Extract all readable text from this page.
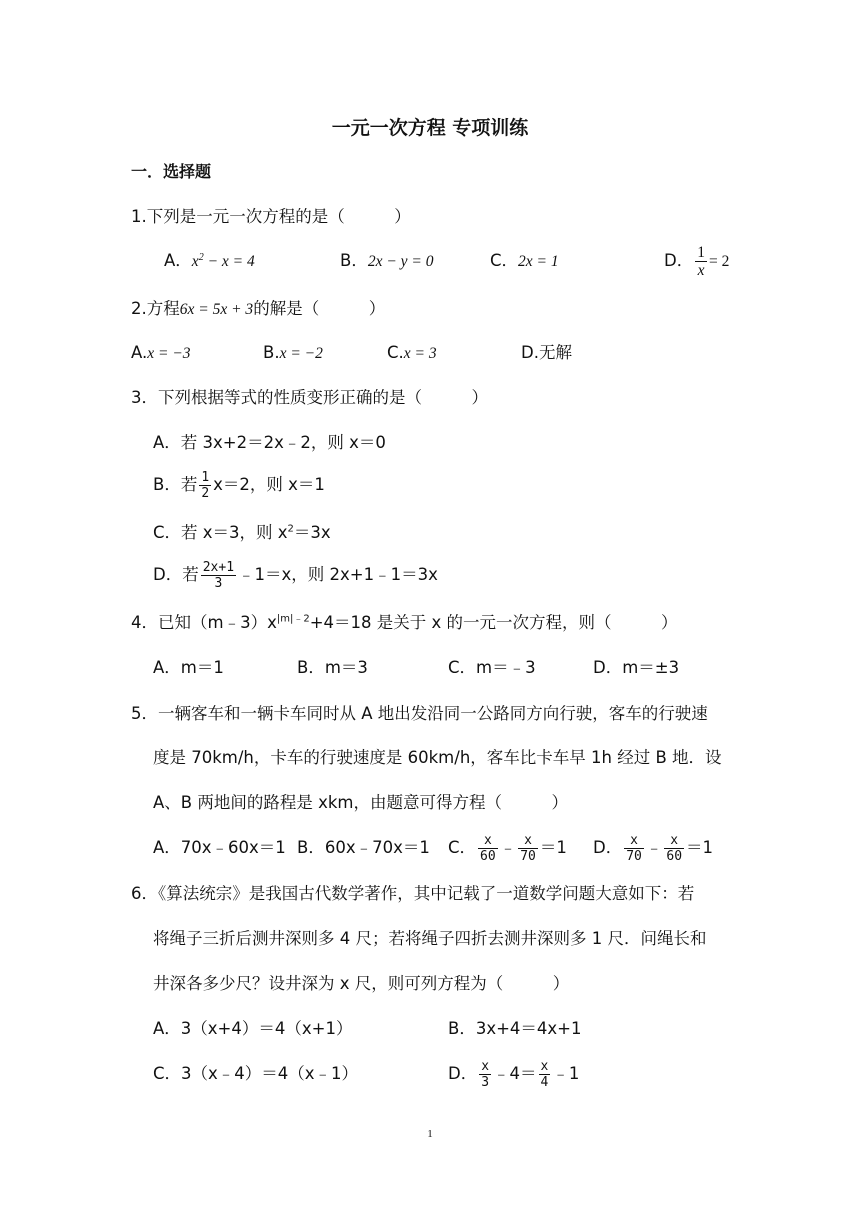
一元一次方程 专项训练
一．选择题
1.下列是一元一次方程的是（　　　）
A．$x^2 - x = 4$	B．2x − y = 0	C．2x = 1	D． $\frac{1}{x} = 2$
2.方程6x = 5x + 3的解是（　　　）
A.x = −3	B.x = −2	C.x = 3	D.无解
3．下列根据等式的性质变形正确的是（　　　）
A．若 3x+2＝2x﹣2，则 x＝0
B．若 $\frac{1}{2} x=2$，则 x＝1
C．若 x＝3，则 $x^2=3x$
D．若 $\frac{2x+1}{3}$ ﹣1＝x，则 2x+1﹣1＝3x
4．已知$(m﹣3)x^{|m|﹣2}+4=18$ 是关于 x 的一元一次方程，则（　　　）
A．m＝1	B．m＝3	C．m＝﹣3	D．m＝±3
5．一辆客车和一辆卡车同时从 A 地出发沿同一公路同方向行驶，客车的行驶速
度是 70km/h，卡车的行驶速度是 60km/h，客车比卡车早 1h 经过 B 地．设
A、B 两地间的路程是 xkm，由题意可得方程（　　　）
A．70x﹣60x＝1 B．60x﹣70x＝1 C． $\frac{x}{60}$ ﹣ $\frac{x}{70} =1$ D． $\frac{x}{70}$ ﹣ $\frac{x}{60} =1$
6．《算法统宗》是我国古代数学著作，其中记载了一道数学问题大意如下：若
将绳子三折后测井深则多 4 尺；若将绳子四折去测井深则多 1 尺．问绳长和
井深各多少尺？设井深为 x 尺，则可列方程为（　　　）
A．3（x+4）＝4（x+1）	B．3x+4＝4x+1
C．3（x﹣4）＝4（x﹣1）	D． $\frac{x}{3}$ ﹣4＝ $\frac{x}{4}$ ﹣1
1
